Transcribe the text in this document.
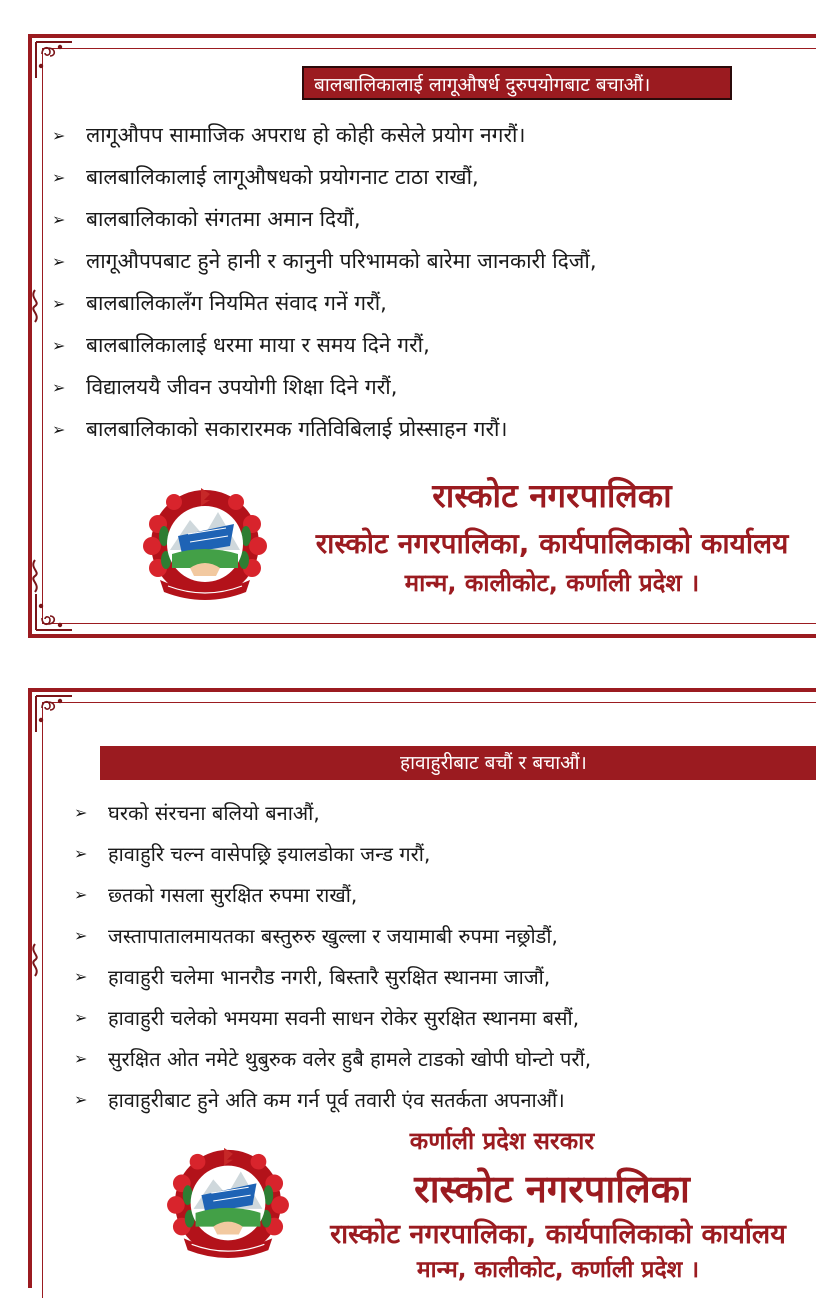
बालबालिकालाई लागूऔषर्ध दुरुपयोगबाट बचाऔं।
➢ लागूऔपप सामाजिक अपराध हो कोही कसेले प्रयोग नगरौं।
➢ बालबालिकालाई लागूऔषधको प्रयोगनाट टाठा राखौं,
➢ बालबालिकाको संगतमा अमान दियौं,
➢ लागूऔपपबाट हुने हानी र कानुनी परिभामको बारेमा जानकारी दिजौं,
➢ बालबालिकालँग नियमित संवाद गनें गरौं,
➢ बालबालिकालाई धरमा माया र समय दिने गरौं,
➢ विद्यालययै जीवन उपयोगी शिक्षा दिने गरौं,
➢ बालबालिकाको सकारारमक गतिविबिलाई प्रोस्साहन गरौं।
रास्कोट नगरपालिका
रास्कोट नगरपालिका, कार्यपालिकाको कार्यालय
मान्म, कालीकोट, कर्णाली प्रदेश ।
हावाहुरीबाट बचौं र बचाऔं।
➢	घरको संरचना बलियो बनाऔं,
➢	हावाहुरि चल्न वासेपछ्रि इयालडोका जन्ड गरौं,
➢	छ्तको गसला सुरक्षित रुपमा राखौं,
➢	जस्तापातालमायतका बस्तुरुरु खुल्ला र जयामाबी रुपमा नछ्रोडौं,
➢	हावाहुरी चलेमा भानरौड नगरी, बिस्तारै सुरक्षित स्थानमा जाजौं,
➢	हावाहुरी चलेको भमयमा सवनी साधन रोकेर सुरक्षित स्थानमा बसौं,
➢	सुरक्षित ओत नमेटे थुबुरुक वलेर हुबै हामले टाडको खोपी घोन्टो परौं,
➢	हावाहुरीबाट हुने अति कम गर्न पूर्व तवारी एंव सतर्कता अपनाऔं।
कर्णाली प्रदेश सरकार
रास्कोट नगरपालिका
रास्कोट नगरपालिका, कार्यपालिकाको कार्यालय
मान्म, कालीकोट, कर्णाली प्रदेश ।
